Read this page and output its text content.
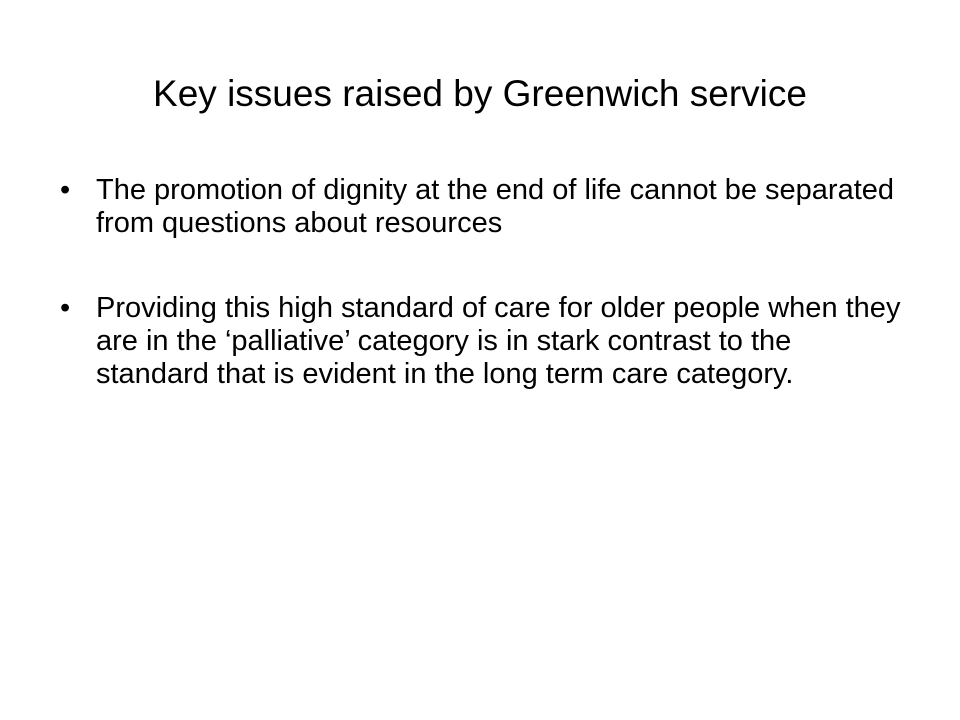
Key issues raised by Greenwich service
• The promotion of dignity at the end of life cannot be separated from questions about resources
• Providing this high standard of care for older people when they are in the ‘palliative’ category is in stark contrast to the standard that is evident in the long term care category.
